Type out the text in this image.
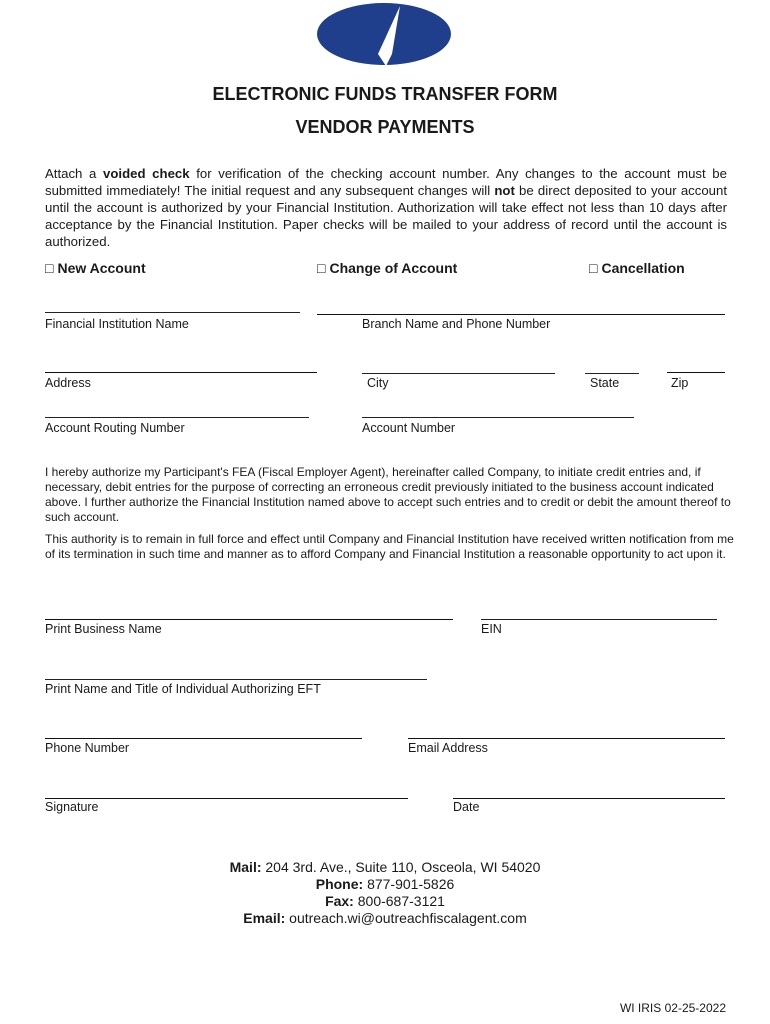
ELECTRONIC FUNDS TRANSFER FORM
VENDOR PAYMENTS
Attach a voided check for verification of the checking account number. Any changes to the account must be submitted immediately! The initial request and any subsequent changes will not be direct deposited to your account until the account is authorized by your Financial Institution. Authorization will take effect not less than 10 days after acceptance by the Financial Institution. Paper checks will be mailed to your address of record until the account is authorized.
□ New Account	□ Change of Account	□ Cancellation
Financial Institution Name	Branch Name and Phone Number
Address	City	State	Zip
Account Routing Number	Account Number
I hereby authorize my Participant's FEA (Fiscal Employer Agent), hereinafter called Company, to initiate credit entries and, if necessary, debit entries for the purpose of correcting an erroneous credit previously initiated to the business account indicated above. I further authorize the Financial Institution named above to accept such entries and to credit or debit the amount thereof to such account.
This authority is to remain in full force and effect until Company and Financial Institution have received written notification from me of its termination in such time and manner as to afford Company and Financial Institution a reasonable opportunity to act upon it.
Print Business Name	EIN
Print Name and Title of Individual Authorizing EFT
Phone Number	Email Address
Signature	Date
Mail: 204 3rd. Ave., Suite 110, Osceola, WI 54020
Phone: 877-901-5826
Fax: 800-687-3121
Email: outreach.wi@outreachfiscalagent.com
WI IRIS 02-25-2022
